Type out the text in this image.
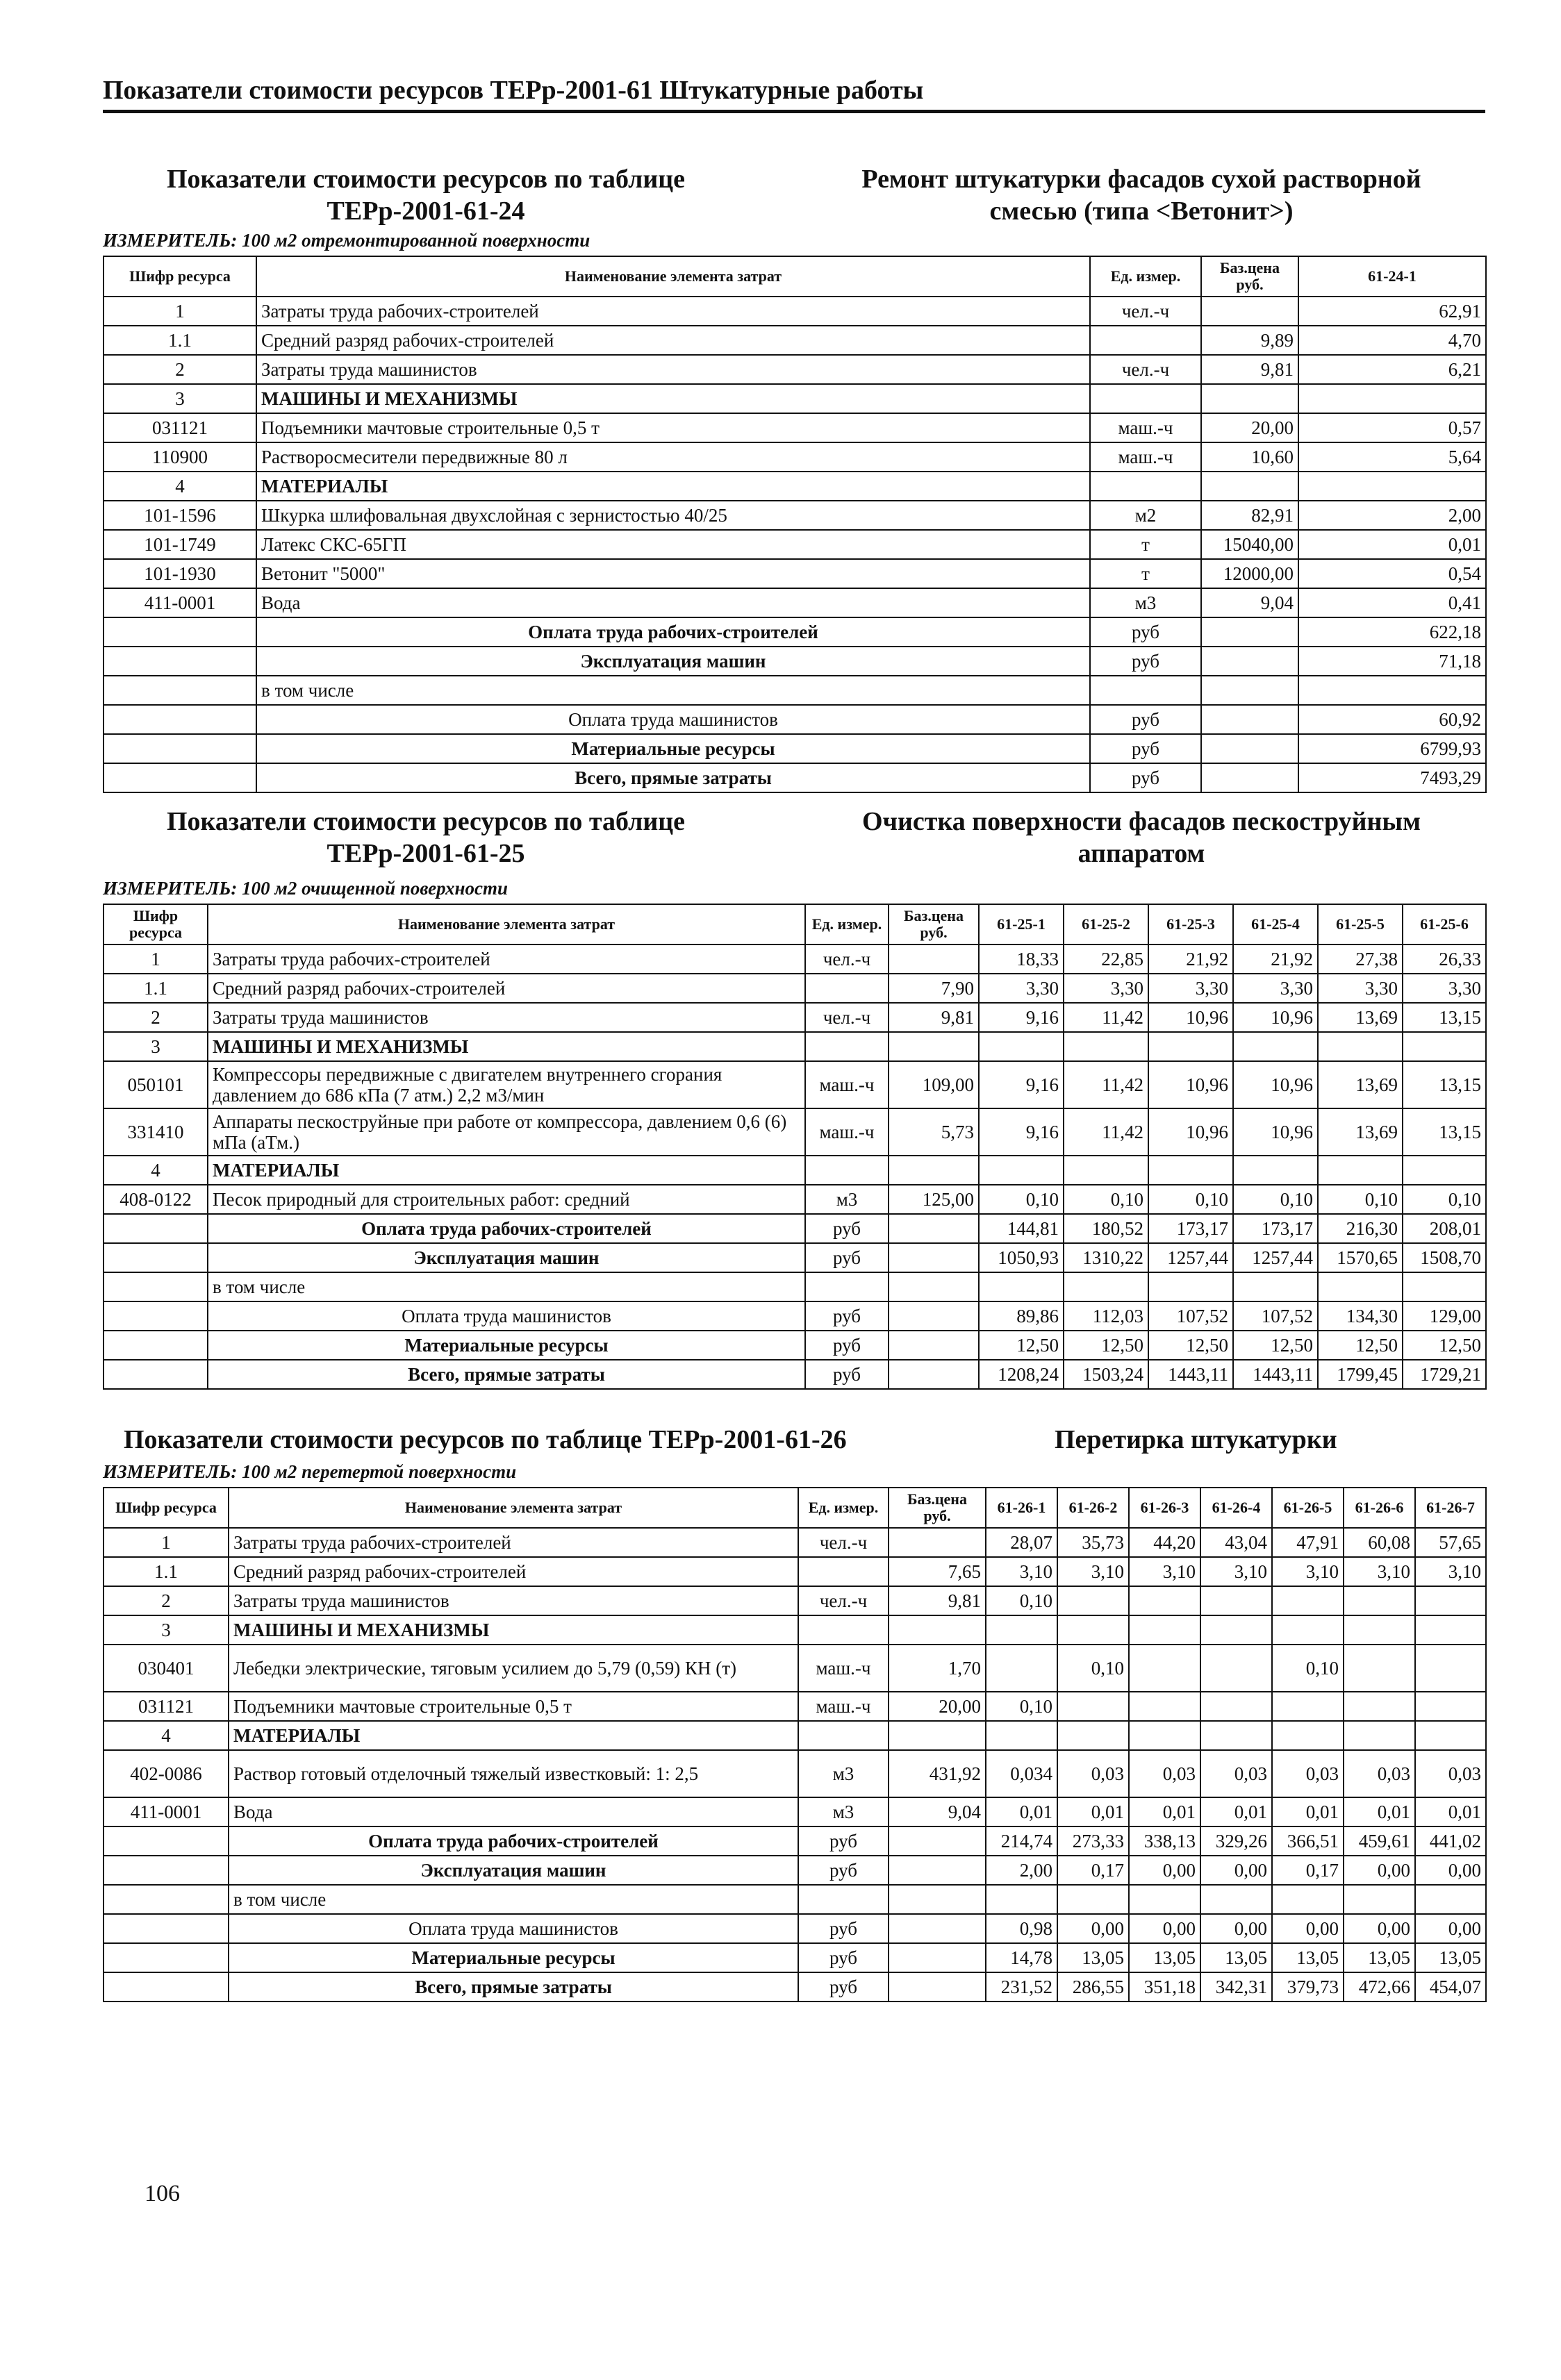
Показатели стоимости ресурсов ТЕРр-2001-61 Штукатурные работы
Показатели стоимости ресурсов по таблице
ТЕРр-2001-61-24
Ремонт штукатурки фасадов сухой растворной
смесью (типа <Ветонит>)
ИЗМЕРИТЕЛЬ: 100 м2 отремонтированной поверхности
Шифр ресурса	Наименование элемента затрат	Ед. измер.	Баз.цена руб.	61-24-1
1	Затраты труда рабочих-строителей	чел.-ч		62,91
1.1	Средний разряд рабочих-строителей		9,89	4,70
2	Затраты труда машинистов	чел.-ч	9,81	6,21
3	МАШИНЫ И МЕХАНИЗМЫ			
031121	Подъемники мачтовые строительные 0,5 т	маш.-ч	20,00	0,57
110900	Растворосмесители передвижные 80 л	маш.-ч	10,60	5,64
4	МАТЕРИАЛЫ			
101-1596	Шкурка шлифовальная двухслойная с зернистостью 40/25	м2	82,91	2,00
101-1749	Латекс СКС-65ГП	т	15040,00	0,01
101-1930	Ветонит "5000"	т	12000,00	0,54
411-0001	Вода	м3	9,04	0,41
	Оплата труда рабочих-строителей	руб		622,18
	Эксплуатация машин	руб		71,18
	в том числе			
	Оплата труда машинистов	руб		60,92
	Материальные ресурсы	руб		6799,93
	Всего, прямые затраты	руб		7493,29
Показатели стоимости ресурсов по таблице
ТЕРр-2001-61-25
Очистка поверхности фасадов пескоструйным
аппаратом
ИЗМЕРИТЕЛЬ: 100 м2 очищенной поверхности
Шифр ресурса	Наименование элемента затрат	Ед. измер.	Баз.цена руб.	61-25-1	61-25-2	61-25-3	61-25-4	61-25-5	61-25-6
1	Затраты труда рабочих-строителей	чел.-ч		18,33	22,85	21,92	21,92	27,38	26,33
1.1	Средний разряд рабочих-строителей		7,90	3,30	3,30	3,30	3,30	3,30	3,30
2	Затраты труда машинистов	чел.-ч	9,81	9,16	11,42	10,96	10,96	13,69	13,15
3	МАШИНЫ И МЕХАНИЗМЫ								
050101	Компрессоры передвижные с двигателем внутреннего сгорания давлением до 686 кПа (7 атм.) 2,2 м3/мин	маш.-ч	109,00	9,16	11,42	10,96	10,96	13,69	13,15
331410	Аппараты пескоструйные при работе от компрессора, давлением 0,6 (6) мПа (аТм.)	маш.-ч	5,73	9,16	11,42	10,96	10,96	13,69	13,15
4	МАТЕРИАЛЫ								
408-0122	Песок природный для строительных работ: средний	м3	125,00	0,10	0,10	0,10	0,10	0,10	0,10
	Оплата труда рабочих-строителей	руб		144,81	180,52	173,17	173,17	216,30	208,01
	Эксплуатация машин	руб		1050,93	1310,22	1257,44	1257,44	1570,65	1508,70
	в том числе								
	Оплата труда машинистов	руб		89,86	112,03	107,52	107,52	134,30	129,00
	Материальные ресурсы	руб		12,50	12,50	12,50	12,50	12,50	12,50
	Всего, прямые затраты	руб		1208,24	1503,24	1443,11	1443,11	1799,45	1729,21
Показатели стоимости ресурсов по таблице ТЕРр-2001-61-26	Перетирка штукатурки
ИЗМЕРИТЕЛЬ: 100 м2 перетертой поверхности
Шифр ресурса	Наименование элемента затрат	Ед. измер.	Баз.цена руб.	61-26-1	61-26-2	61-26-3	61-26-4	61-26-5	61-26-6	61-26-7
1	Затраты труда рабочих-строителей	чел.-ч		28,07	35,73	44,20	43,04	47,91	60,08	57,65
1.1	Средний разряд рабочих-строителей		7,65	3,10	3,10	3,10	3,10	3,10	3,10	3,10
2	Затраты труда машинистов	чел.-ч	9,81	0,10						
3	МАШИНЫ И МЕХАНИЗМЫ									
030401	Лебедки электрические, тяговым усилием до 5,79 (0,59) КН (т)	маш.-ч	1,70		0,10			0,10		
031121	Подъемники мачтовые строительные 0,5 т	маш.-ч	20,00	0,10						
4	МАТЕРИАЛЫ									
402-0086	Раствор готовый отделочный тяжелый известковый: 1: 2,5	м3	431,92	0,034	0,03	0,03	0,03	0,03	0,03	0,03
411-0001	Вода	м3	9,04	0,01	0,01	0,01	0,01	0,01	0,01	0,01
	Оплата труда рабочих-строителей	руб		214,74	273,33	338,13	329,26	366,51	459,61	441,02
	Эксплуатация машин	руб		2,00	0,17	0,00	0,00	0,17	0,00	0,00
	в том числе									
	Оплата труда машинистов	руб		0,98	0,00	0,00	0,00	0,00	0,00	0,00
	Материальные ресурсы	руб		14,78	13,05	13,05	13,05	13,05	13,05	13,05
	Всего, прямые затраты	руб		231,52	286,55	351,18	342,31	379,73	472,66	454,07
106
